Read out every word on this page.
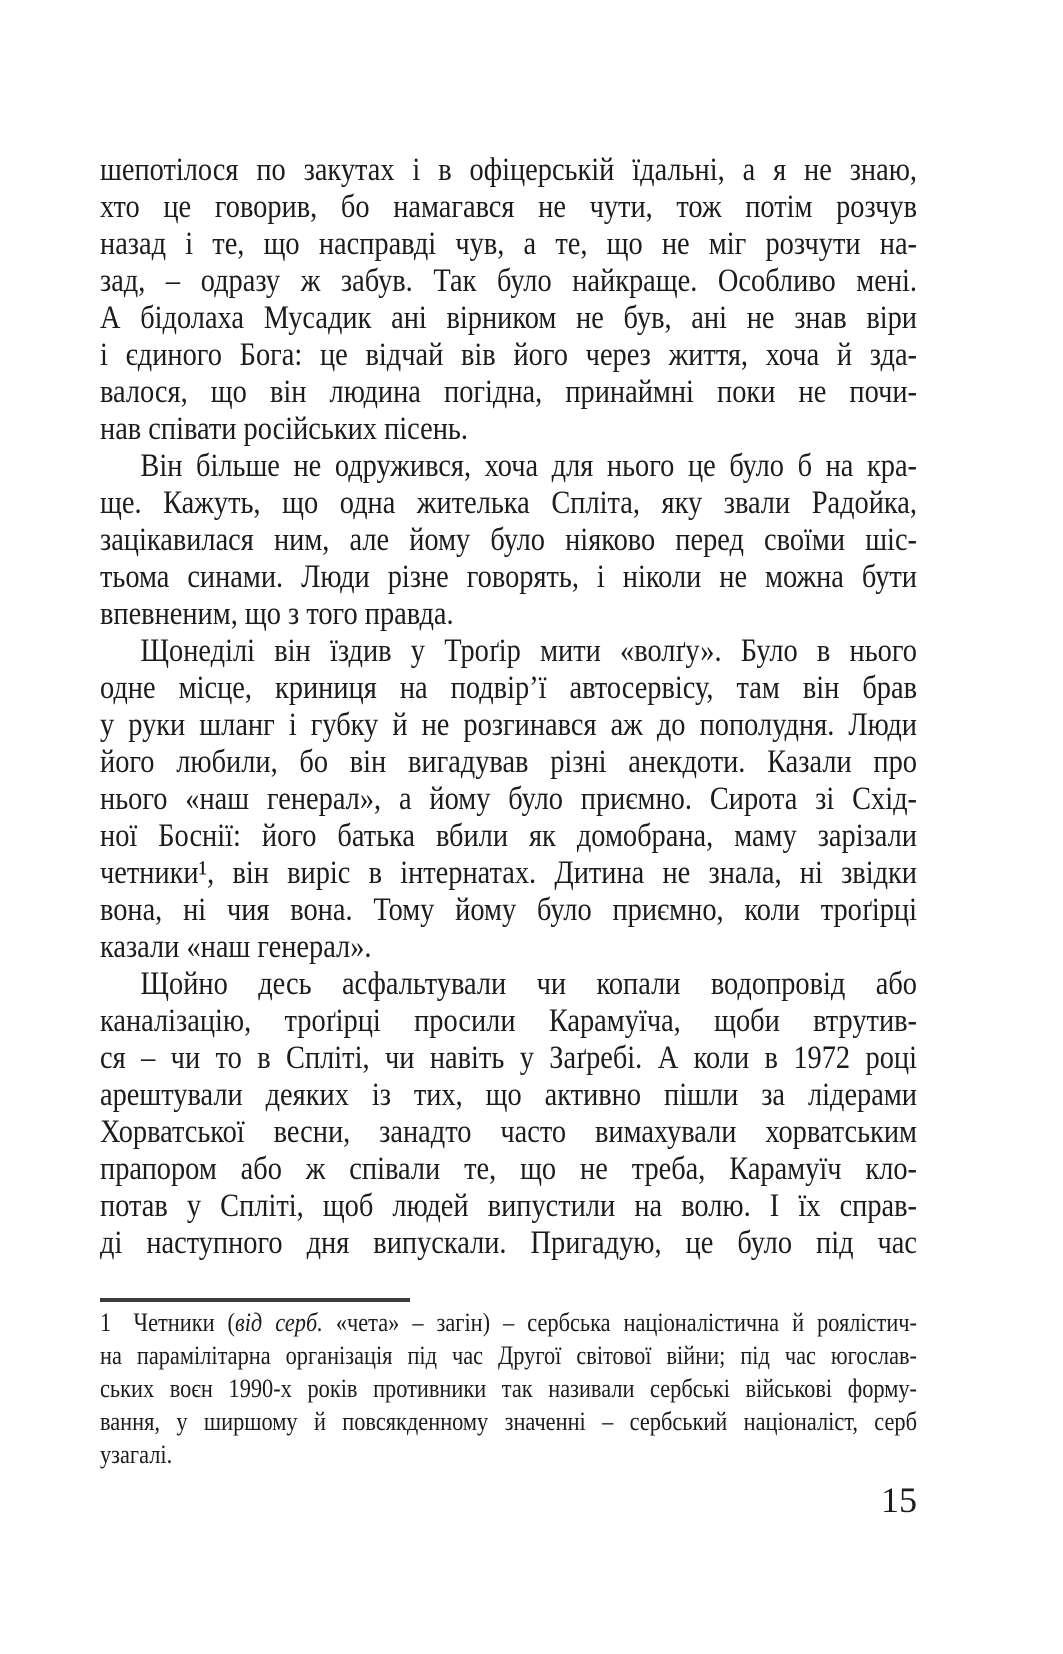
шепотілося по закутах і в офіцерській їдальні, а я не знаю,
хто це говорив, бо намагався не чути, тож потім розчув
назад і те, що насправді чув, а те, що не міг розчути на-
зад, – одразу ж забув. Так було найкраще. Особливо мені.
А бідолаха Мусадик ані вірником не був, ані не знав віри
і єдиного Бога: це відчай вів його через життя, хоча й зда-
валося, що він людина погідна, принаймні поки не почи-
нав співати російських пісень.
Він більше не одружився, хоча для нього це було б на кра-
ще. Кажуть, що одна жителька Спліта, яку звали Радойка,
зацікавилася ним, але йому було ніяково перед своїми шіс-
тьома синами. Люди різне говорять, і ніколи не можна бути
впевненим, що з того правда.
Щонеділі він їздив у Троґір мити «волґу». Було в нього
одне місце, криниця на подвір’ї автосервісу, там він брав
у руки шланг і губку й не розгинався аж до пополудня. Люди
його любили, бо він вигадував різні анекдоти. Казали про
нього «наш генерал», а йому було приємно. Сирота зі Схід-
ної Боснії: його батька вбили як домобрана, маму зарізали
четники¹, він виріс в інтернатах. Дитина не знала, ні звідки
вона, ні чия вона. Тому йому було приємно, коли троґірці
казали «наш генерал».
Щойно десь асфальтували чи копали водопровід або
каналізацію, троґірці просили Карамуїча, щоби втрутив-
ся – чи то в Спліті, чи навіть у Заґребі. А коли в 1972 році
арештували деяких із тих, що активно пішли за лідерами
Хорватської весни, занадто часто вимахували хорватським
прапором або ж співали те, що не треба, Карамуїч кло-
потав у Спліті, щоб людей випустили на волю. І їх справ-
ді наступного дня випускали. Пригадую, це було під час
1 Четники (від серб. «чета» – загін) – сербська націоналістична й роялістич-
на парамілітарна організація під час Другої світової війни; під час югослав-
ських воєн 1990-х років противники так називали сербські військові форму-
вання, у ширшому й повсякденному значенні – сербський націоналіст, серб
узагалі.
15
